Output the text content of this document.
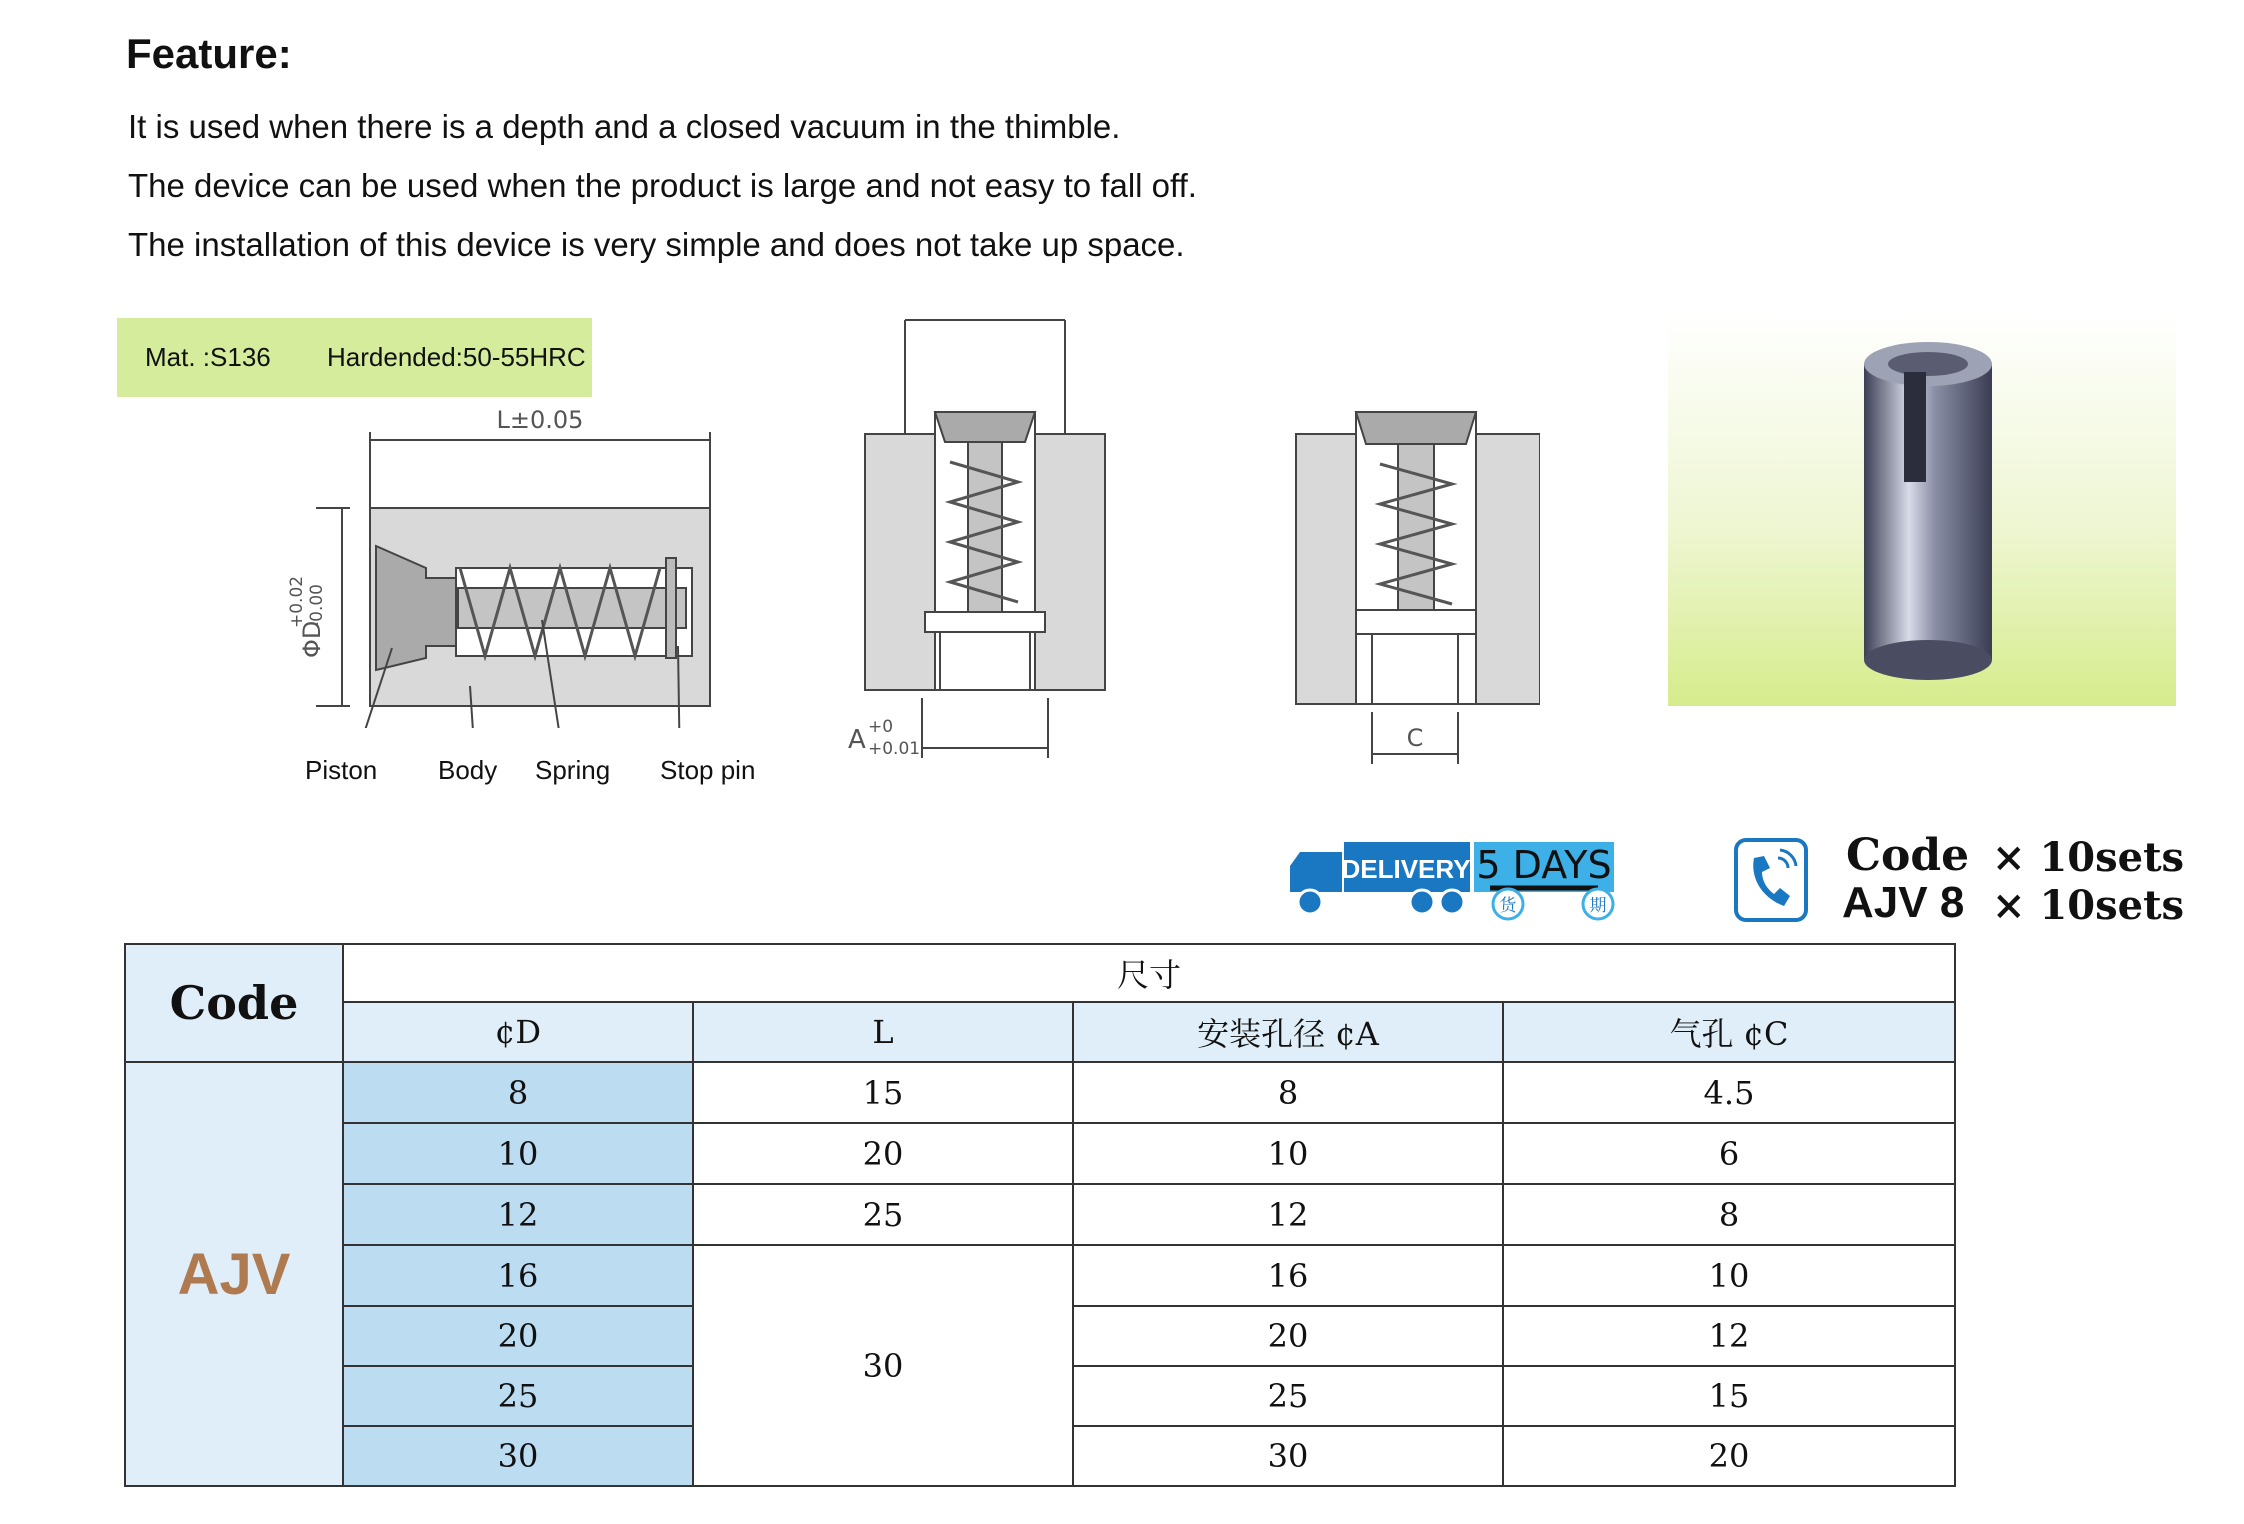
Feature:
It is used when there is a depth and a closed vacuum in the thimble.
The device can be used when the product is large and not easy to fall off.
The installation of this device is very simple and does not take up space.
Mat. :S136 Hardended:50-55HRC
L±0.05
ΦD
+0.02 -0.00
Piston Body Spring Stop pin
A +0
+0.01	C
DELIVERY 5 DAYS
货	期
Code × 10sets
AJV 8 × 10sets
Code	尺寸			
	¢D	L	安装孔径 ¢A	气孔 ¢C
AJV	8	15	8	4.5
	10	20	10	6
	12	25	12	8
	16	30	16	10
	20		20	12
	25		25	15
	30		30	20
